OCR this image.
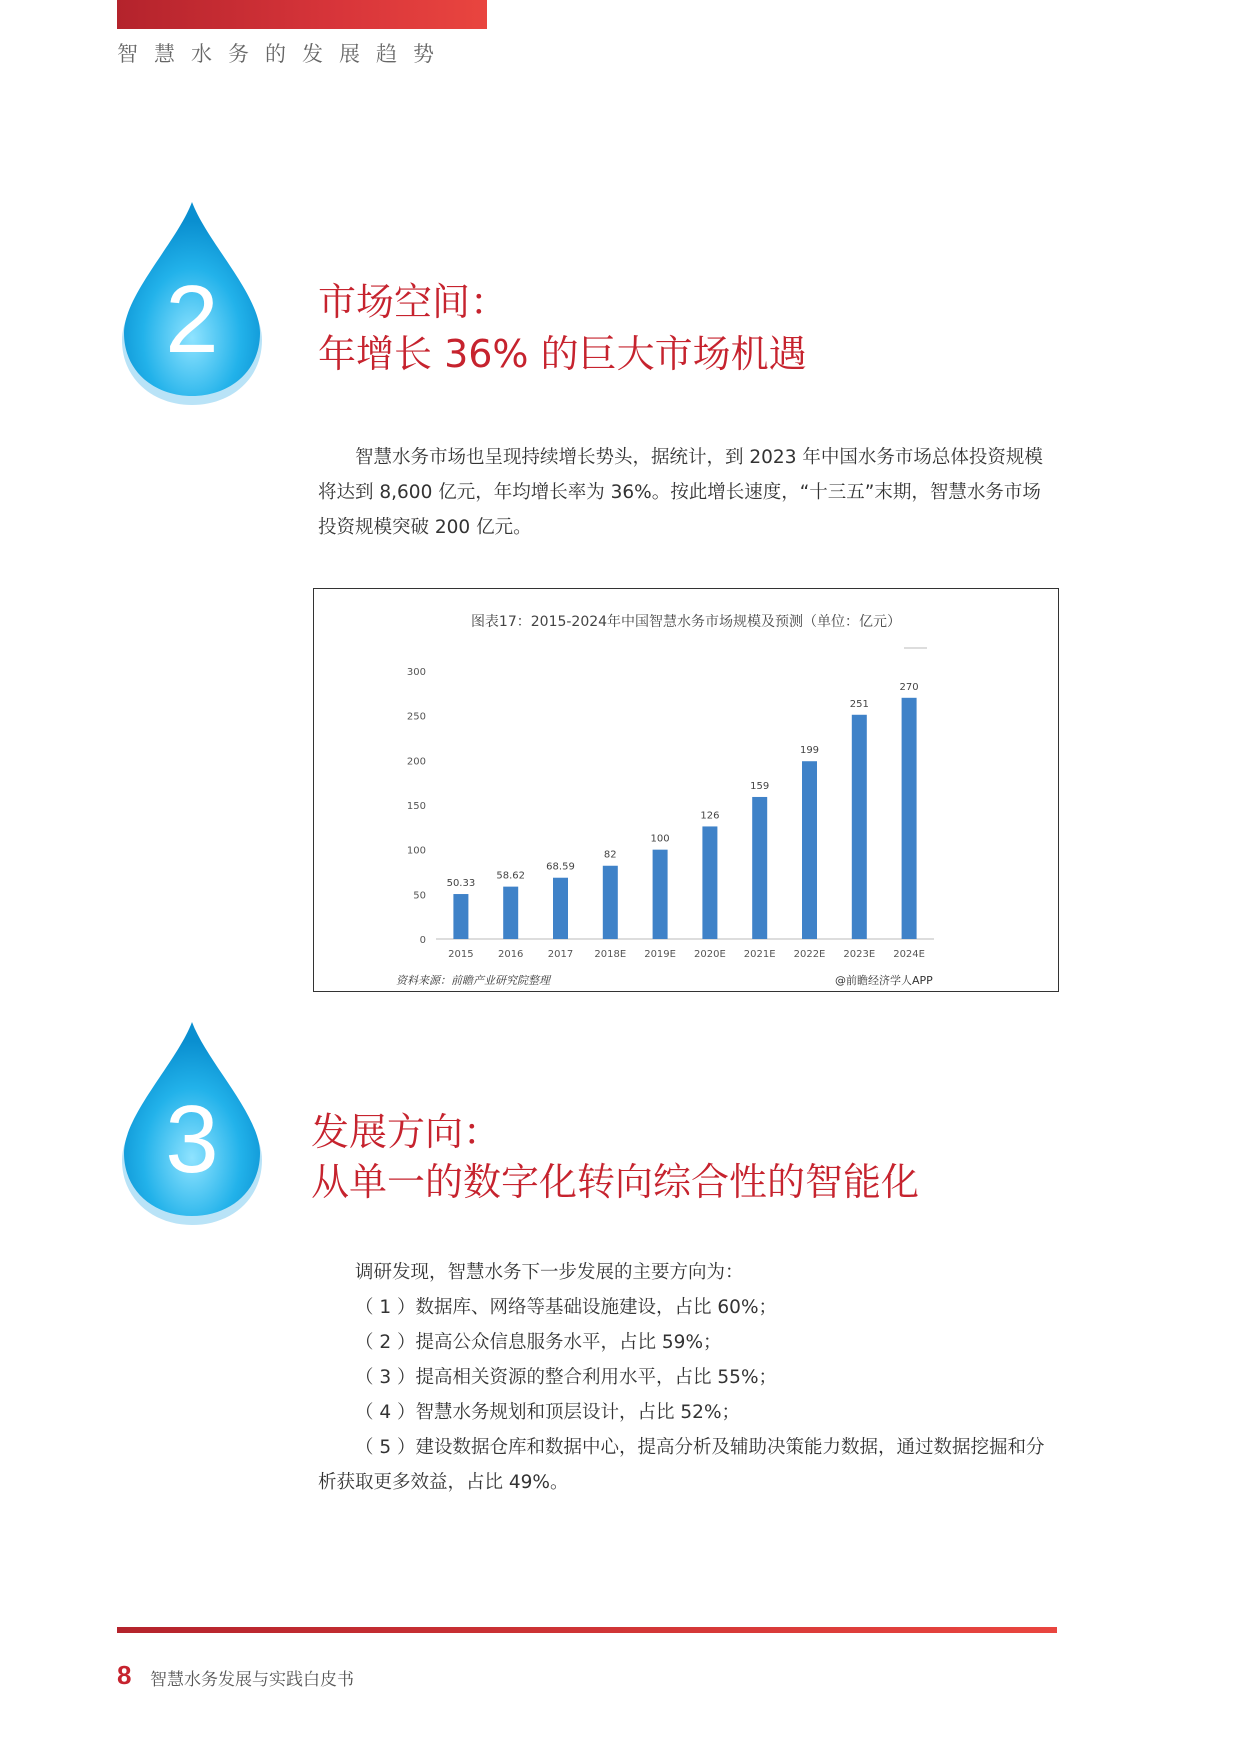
智慧水务的发展趋势
2	市场空间：
年增长 36% 的巨大市场机遇

智慧水务市场也呈现持续增长势头，据统计，到 2023 年中国水务市场总体投资规模将达到 8,600 亿元，年均增长率为 36%。按此增长速度，“十三五”末期，智慧水务市场投资规模突破 200 亿元。

图表17：2015-2024年中国智慧水务市场规模及预测（单位：亿元）
0
50
100
150
200
250
300
50.33
2015
58.62
2016
68.59
2017
82
2018E
100
2019E
126
2020E
159
2021E
199
2022E
251
2023E
270
2024E
资料来源：前瞻产业研究院整理	@前瞻经济学人APP
3	发展方向：
从单一的数字化转向综合性的智能化

调研发现，智慧水务下一步发展的主要方向为：

（ 1 ）数据库、网络等基础设施建设，占比 60%；

（ 2 ）提高公众信息服务水平，占比 59%；

（ 3 ）提高相关资源的整合利用水平，占比 55%；

（ 4 ）智慧水务规划和顶层设计，占比 52%；

（ 5 ）建设数据仓库和数据中心，提高分析及辅助决策能力数据，通过数据挖掘和分析获取更多效益，占比 49%。

8 智慧水务发展与实践白皮书
